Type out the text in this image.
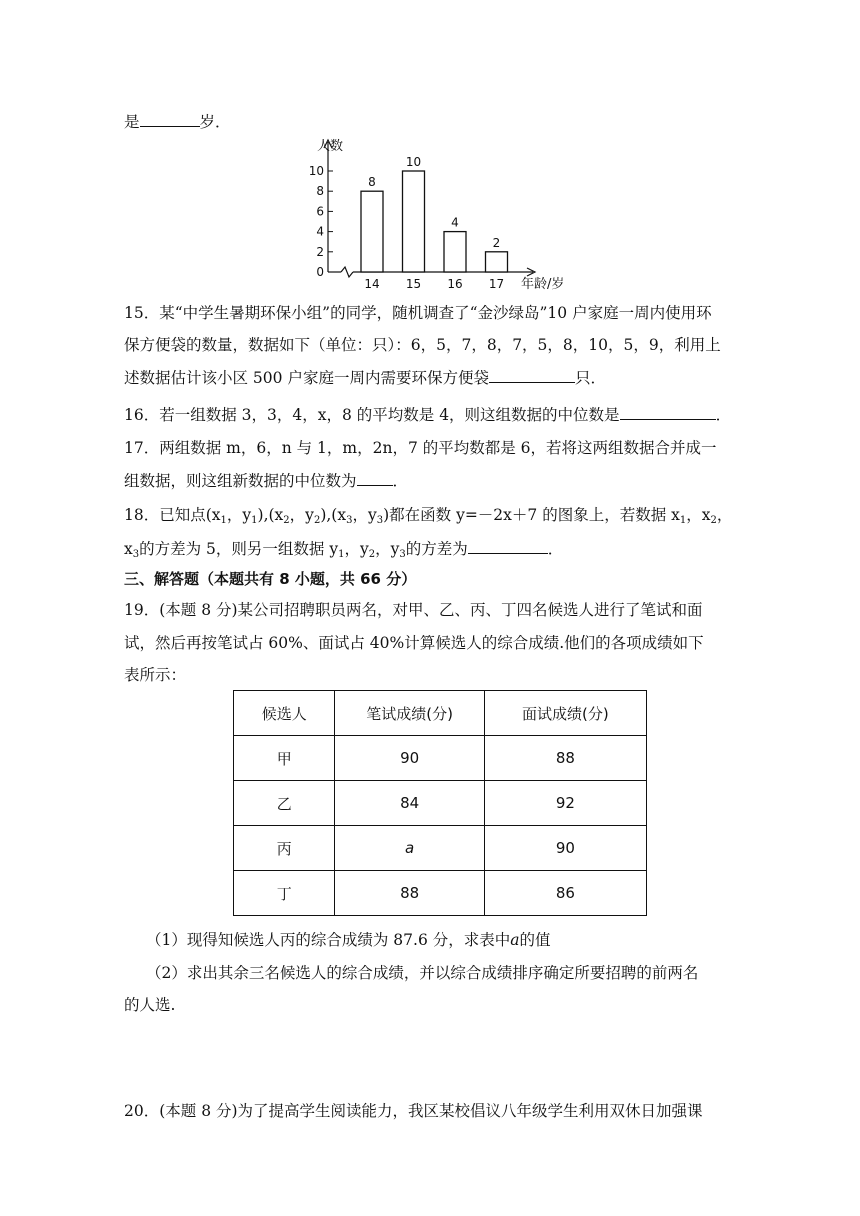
是	岁．
人数
年龄/岁
0
2
4
6
8
10
8
14
10
15
4
16
2
17
15．某“中学生暑期环保小组”的同学，随机调查了“金沙绿岛”10 户家庭一周内使用环
保方便袋的数量，数据如下（单位：只）：6，5，7，8，7，5，8，10，5，9，利用上
述数据估计该小区 500 户家庭一周内需要环保方便袋	只．
16．若一组数据 3，3，4，x，8 的平均数是 4，则这组数据的中位数是	．
17．两组数据 m，6，n 与 1，m，2n，7 的平均数都是 6，若将这两组数据合并成一
组数据，则这组新数据的中位数为 ．
18．已知点($x_1$，$y_1),(x_2$，$y_2),(x_3$，$y_3$)都在函数 y=－2x＋7 的图象上，若数据 $x_1$，$x_2$，
$x_3$的方差为 5，则另一组数据 $y_1$，$y_2$，$y_3$的方差为	．
三、解答题（本题共有 8 小题，共 66 分）
19．(本题 8 分)某公司招聘职员两名，对甲、乙、丙、丁四名候选人进行了笔试和面
试，然后再按笔试占 60%、面试占 40%计算候选人的综合成绩.他们的各项成绩如下
表所示：
候选人	笔试成绩(分)	面试成绩(分)
甲	90	88
乙	84	92
丙	a	90
丁	88	86
（1）现得知候选人丙的综合成绩为 87.6 分，求表中a的值
（2）求出其余三名候选人的综合成绩，并以综合成绩排序确定所要招聘的前两名
的人选.
20．(本题 8 分)为了提高学生阅读能力，我区某校倡议八年级学生利用双休日加强课
